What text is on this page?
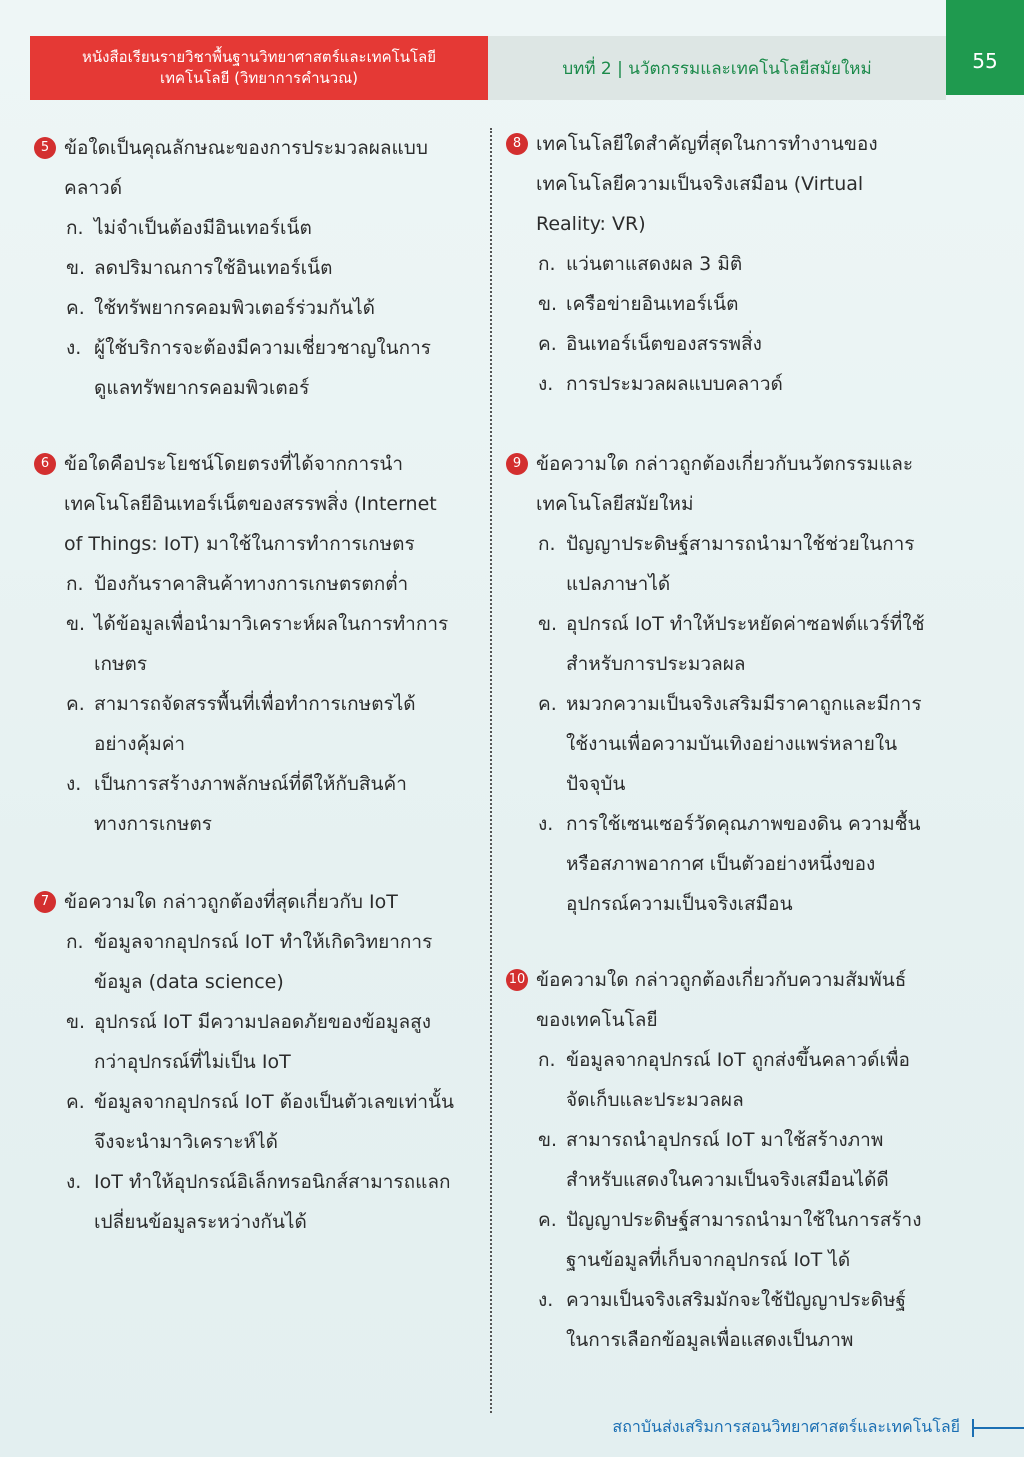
หนังสือเรียนรายวิชาพื้นฐานวิทยาศาสตร์และเทคโนโลยี
เทคโนโลยี (วิทยาการคำนวณ)	บทที่ 2 | นวัตกรรมและเทคโนโลยีสมัยใหม่	55
5 ข้อใดเป็นคุณลักษณะของการประมวลผลแบบคลาวด์
ก. ไม่จำเป็นต้องมีอินเทอร์เน็ต
ข. ลดปริมาณการใช้อินเทอร์เน็ต
ค. ใช้ทรัพยากรคอมพิวเตอร์ร่วมกันได้
ง. ผู้ใช้บริการจะต้องมีความเชี่ยวชาญในการดูแลทรัพยากรคอมพิวเตอร์
6 ข้อใดคือประโยชน์โดยตรงที่ได้จากการนำเทคโนโลยีอินเทอร์เน็ตของสรรพสิ่ง (Internet of Things: IoT) มาใช้ในการทำการเกษตร
ก. ป้องกันราคาสินค้าทางการเกษตรตกต่ำ
ข. ได้ข้อมูลเพื่อนำมาวิเคราะห์ผลในการทำการเกษตร
ค. สามารถจัดสรรพื้นที่เพื่อทำการเกษตรได้อย่างคุ้มค่า
ง. เป็นการสร้างภาพลักษณ์ที่ดีให้กับสินค้าทางการเกษตร
7 ข้อความใด กล่าวถูกต้องที่สุดเกี่ยวกับ IoT
ก. ข้อมูลจากอุปกรณ์ IoT ทำให้เกิดวิทยาการข้อมูล (data science)
ข. อุปกรณ์ IoT มีความปลอดภัยของข้อมูลสูงกว่าอุปกรณ์ที่ไม่เป็น IoT
ค. ข้อมูลจากอุปกรณ์ IoT ต้องเป็นตัวเลขเท่านั้นจึงจะนำมาวิเคราะห์ได้
ง. IoT ทำให้อุปกรณ์อิเล็กทรอนิกส์สามารถแลกเปลี่ยนข้อมูลระหว่างกันได้
8 เทคโนโลยีใดสำคัญที่สุดในการทำงานของเทคโนโลยีความเป็นจริงเสมือน (Virtual Reality: VR)
ก. แว่นตาแสดงผล 3 มิติ
ข. เครือข่ายอินเทอร์เน็ต
ค. อินเทอร์เน็ตของสรรพสิ่ง
ง. การประมวลผลแบบคลาวด์
9 ข้อความใด กล่าวถูกต้องเกี่ยวกับนวัตกรรมและเทคโนโลยีสมัยใหม่
ก. ปัญญาประดิษฐ์สามารถนำมาใช้ช่วยในการแปลภาษาได้
ข. อุปกรณ์ IoT ทำให้ประหยัดค่าซอฟต์แวร์ที่ใช้สำหรับการประมวลผล
ค. หมวกความเป็นจริงเสริมมีราคาถูกและมีการใช้งานเพื่อความบันเทิงอย่างแพร่หลายในปัจจุบัน
ง. การใช้เซนเซอร์วัดคุณภาพของดิน ความชื้นหรือสภาพอากาศ เป็นตัวอย่างหนึ่งของอุปกรณ์ความเป็นจริงเสมือน
10 ข้อความใด กล่าวถูกต้องเกี่ยวกับความสัมพันธ์ของเทคโนโลยี
ก. ข้อมูลจากอุปกรณ์ IoT ถูกส่งขึ้นคลาวด์เพื่อจัดเก็บและประมวลผล
ข. สามารถนำอุปกรณ์ IoT มาใช้สร้างภาพสำหรับแสดงในความเป็นจริงเสมือนได้ดี
ค. ปัญญาประดิษฐ์สามารถนำมาใช้ในการสร้างฐานข้อมูลที่เก็บจากอุปกรณ์ IoT ได้
ง. ความเป็นจริงเสริมมักจะใช้ปัญญาประดิษฐ์ในการเลือกข้อมูลเพื่อแสดงเป็นภาพ
สถาบันส่งเสริมการสอนวิทยาศาสตร์และเทคโนโลยี
